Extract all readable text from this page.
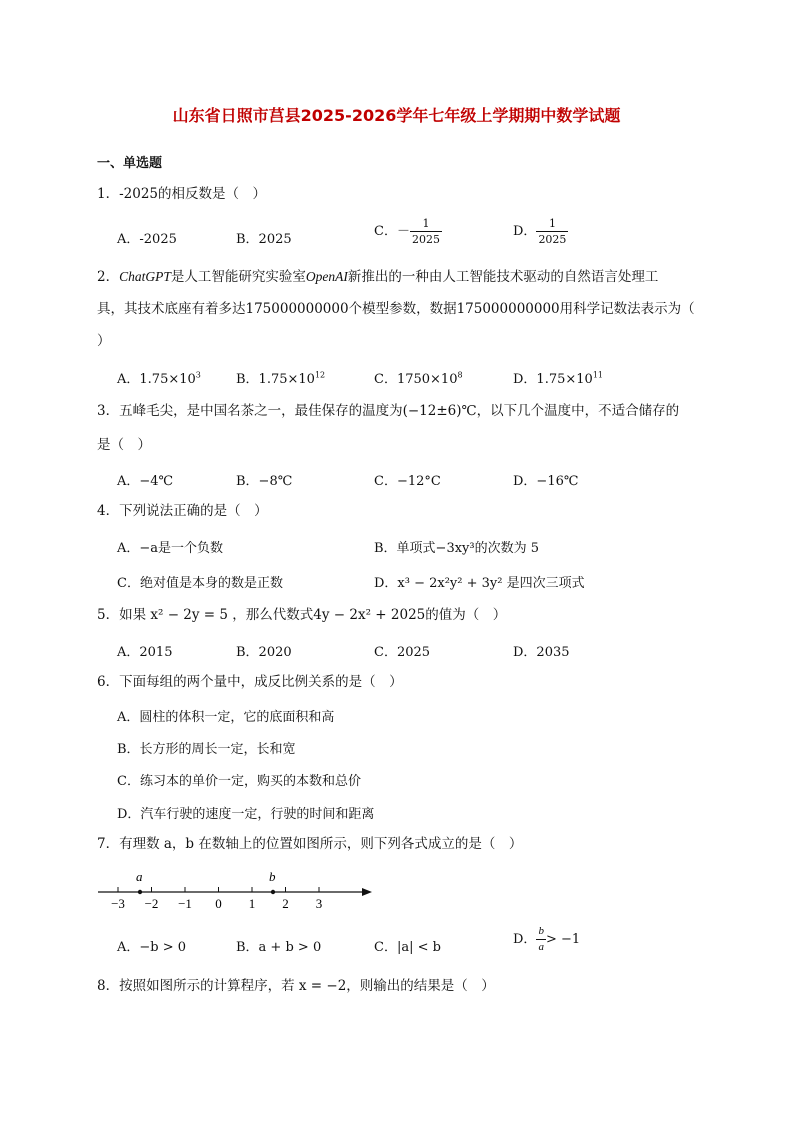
山东省日照市莒县2025-2026学年七年级上学期期中数学试题
一、单选题
1．-2025的相反数是（　）
A．-2025	B．2025
C．－ $\frac{1}{2025}$	D． $\frac{1}{2025}$
2．ChatGPT是人工智能研究实验室OpenAI新推出的一种由人工智能技术驱动的自然语言处理工
具，其技术底座有着多达175000000000个模型参数，数据175000000000用科学记数法表示为（
）
A．$1.75\times 10^3$	B．$1.75\times 10^{12}$	C．$1750\times 10^8$	D．$1.75\times 10^{11}$
3．五峰毛尖，是中国名茶之一，最佳保存的温度为(−12±6)℃，以下几个温度中，不适合储存的
是（　）
A．−4℃	B．−8℃	C．−12°C	D．−16℃
4．下列说法正确的是（　）
A．−a是一个负数	B．单项式−3xy³的次数为 5
C．绝对值是本身的数是正数	D．x³ − 2x²y² + 3y² 是四次三项式
5．如果 x² − 2y = 5 ，那么代数式4y − 2x² + 2025的值为（　）
A．2015	B．2020	C．2025	D．2035
6．下面每组的两个量中，成反比例关系的是（　）
A．圆柱的体积一定，它的底面积和高
B．长方形的周长一定，长和宽
C．练习本的单价一定，购买的本数和总价
D．汽车行驶的速度一定，行驶的时间和距离
7．有理数 a，b 在数轴上的位置如图所示，则下列各式成立的是（　）
−3 −2 −1 0 1 2 3
a	b
A．−b > 0	B．a + b > 0	C．|a| < b
D． $\frac{b}{a} > -1$
8．按照如图所示的计算程序，若 x = −2，则输出的结果是（　）
